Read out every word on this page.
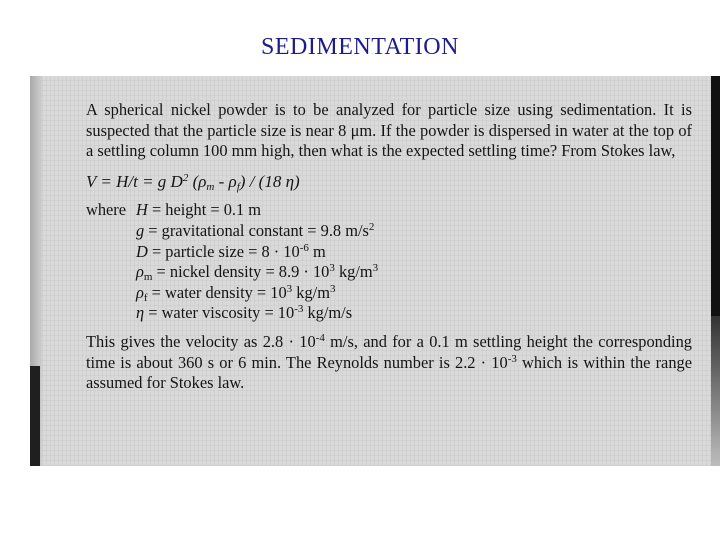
SEDIMENTATION

A spherical nickel powder is to be analyzed for particle size using sedimentation. It is suspected that the particle size is near 8 μm. If the powder is dispersed in water at the top of a settling column 100 mm high, then what is the expected settling time? From Stokes law,

V = H/t = g $D^2$ $(\rho_m - \rho_f) / (18$ η)
where H = height = 0.1 m
g = gravitational constant = 9.8 $m/s^2$
D = particle size = $8 \cdot 10^{-6}$ m
$\rho_m$ = nickel density = $8.9 \cdot 10^3$ $kg/m^3$
$\rho_f$ = water density = $10^3$ $kg/m^3$
η = water viscosity = $10^{-3}$ kg/m/s

This gives the velocity as $2.8 \cdot 10^{-4}$ m/s, and for a 0.1 m settling height the corresponding time is about 360 s or 6 min. The Reynolds number is $2.2 \cdot 10^{-3}$ which is within the range assumed for Stokes law.
